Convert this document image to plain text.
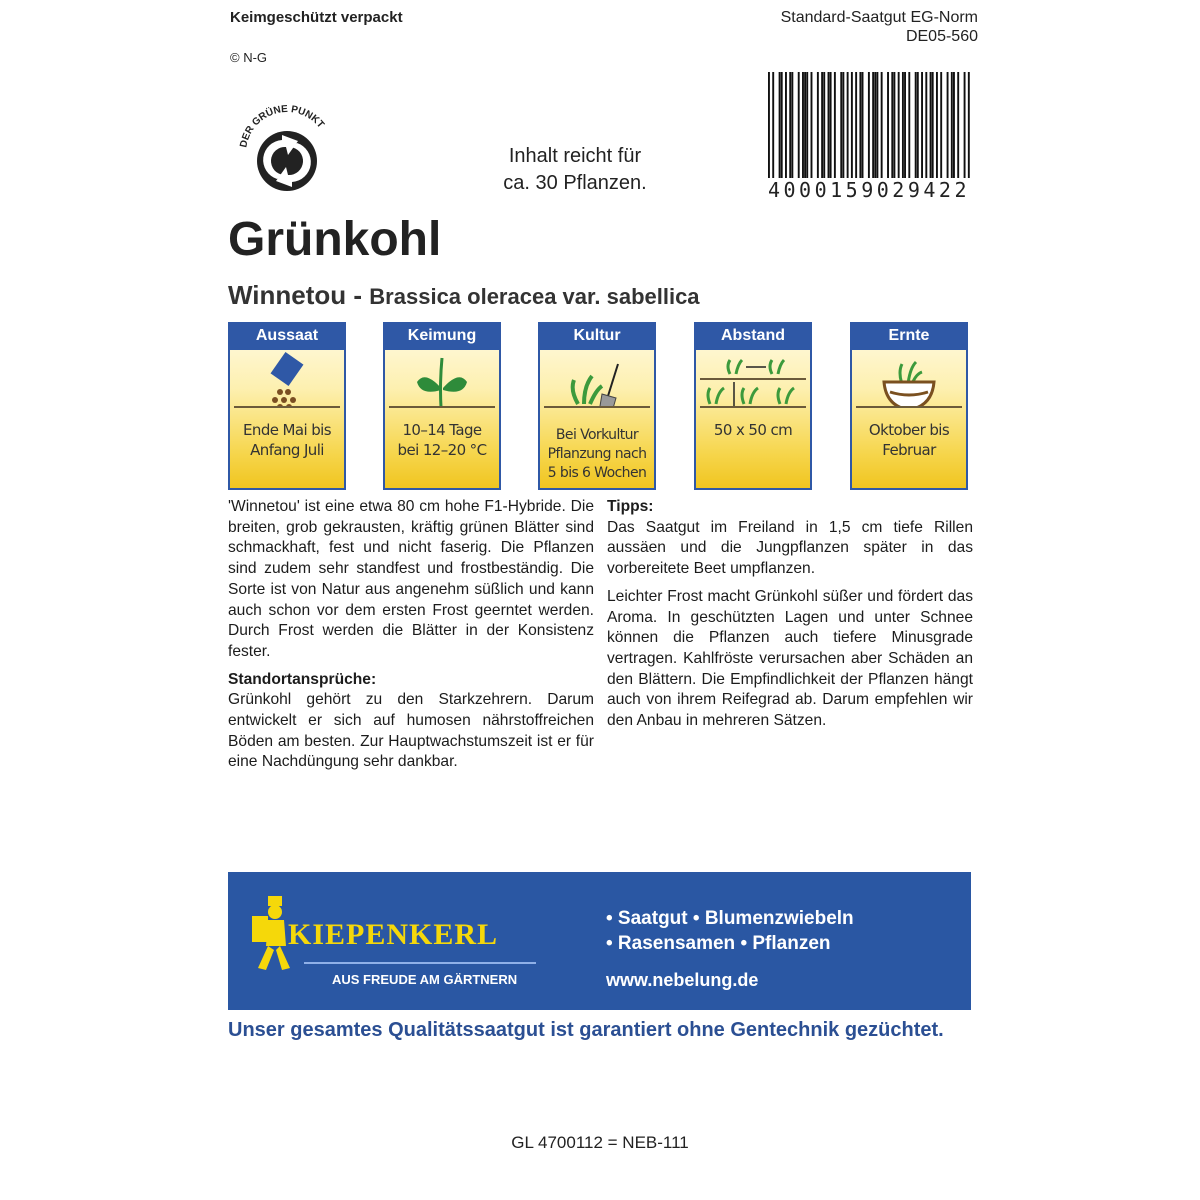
Keimgeschützt verpackt
© N-G
Standard-Saatgut EG-Norm
DE05-560
DER GRÜNE PUNKT
Inhalt reicht für
ca. 30 Pflanzen.	4000159029422
Grünkohl
Winnetou - Brassica oleracea var. sabellica
Aussaat
Ende Mai bis
Anfang Juli
Keimung
10–14 Tage
bei 12–20 °C
Kultur
Bei Vorkultur
Pflanzung nach
5 bis 6 Wochen
Abstand
50 x 50 cm
Ernte
Oktober bis
Februar

'Winnetou' ist eine etwa 80 cm hohe F1-Hybride. Die breiten, grob gekrausten, kräftig grünen Blätter sind schmackhaft, fest und nicht faserig. Die Pflanzen sind zudem sehr standfest und frostbeständig. Die Sorte ist von Natur aus angenehm süßlich und kann auch schon vor dem ersten Frost geerntet werden. Durch Frost werden die Blätter in der Konsistenz fester.

Standortansprüche:

Grünkohl gehört zu den Starkzehrern. Darum entwickelt er sich auf humosen nährstoffreichen Böden am besten. Zur Hauptwachstumszeit ist er für eine Nachdüngung sehr dankbar.

Tipps:

Das Saatgut im Freiland in 1,5 cm tiefe Rillen aussäen und die Jungpflanzen später in das vorbereitete Beet umpflanzen.

Leichter Frost macht Grünkohl süßer und fördert das Aroma. In geschützten Lagen und unter Schnee können die Pflanzen auch tiefere Minusgrade vertragen. Kahlfröste verursachen aber Schäden an den Blättern. Die Empfindlichkeit der Pflanzen hängt auch von ihrem Reifegrad ab. Darum empfehlen wir den Anbau in mehreren Sätzen.

KIEPENKERL
AUS FREUDE AM GÄRTNERN
• Saatgut • Blumenzwiebeln
• Rasensamen • Pflanzen
www.nebelung.de
Unser gesamtes Qualitätssaatgut ist garantiert ohne Gentechnik gezüchtet.
GL 4700112 = NEB-111
